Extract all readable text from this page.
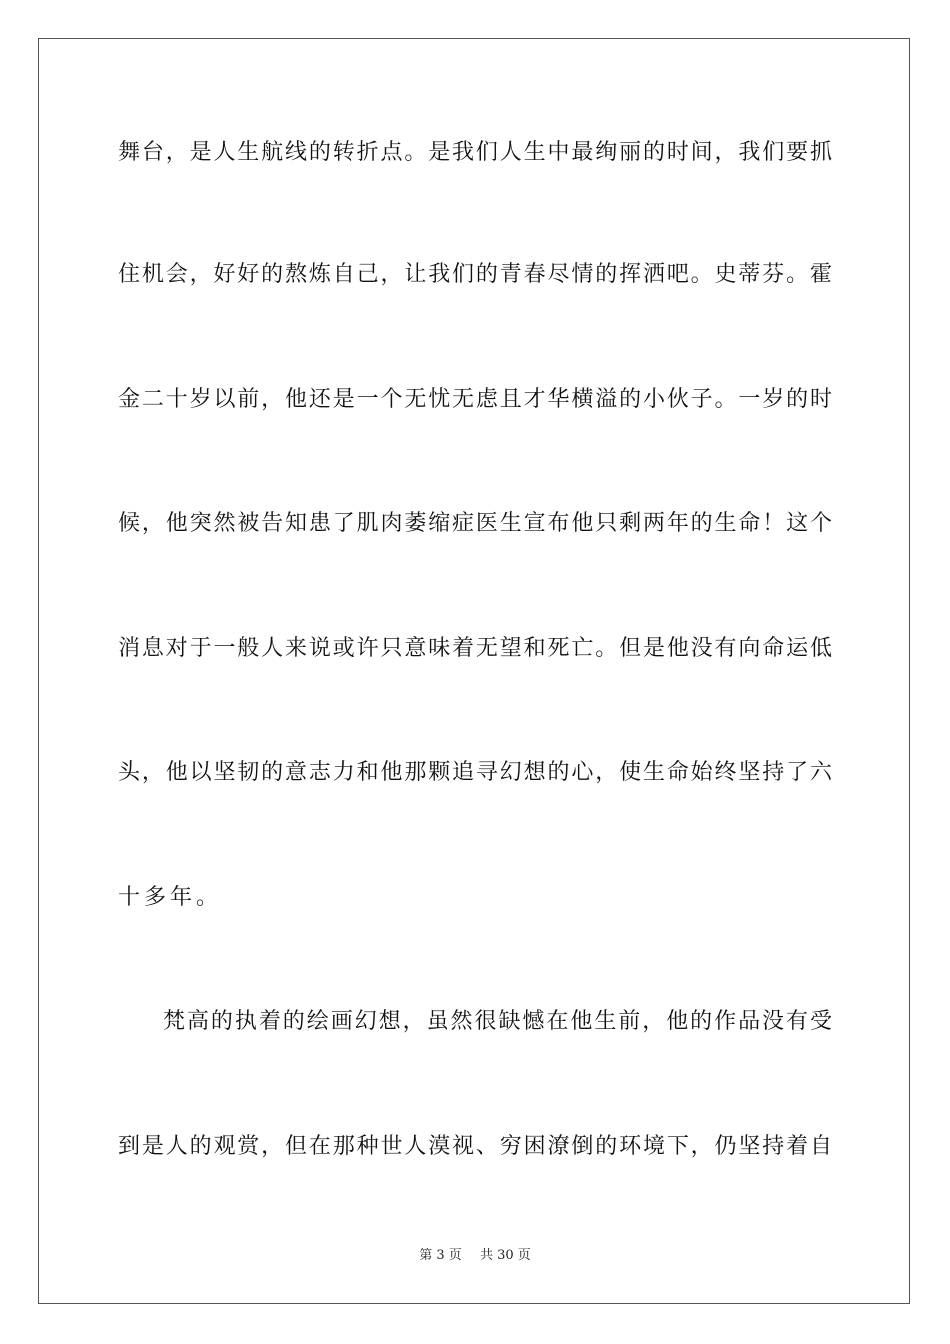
舞台，是人生航线的转折点。是我们人生中最绚丽的时间，我们要抓
住机会，好好的熬炼自己，让我们的青春尽情的挥洒吧。史蒂芬。霍
金二十岁以前，他还是一个无忧无虑且才华横溢的小伙子。一岁的时
候，他突然被告知患了肌肉萎缩症医生宣布他只剩两年的生命！这个
消息对于一般人来说或许只意味着无望和死亡。但是他没有向命运低
头，他以坚韧的意志力和他那颗追寻幻想的心，使生命始终坚持了六
十多年。
梵高的执着的绘画幻想，虽然很缺憾在他生前，他的作品没有受
到是人的观赏，但在那种世人漠视、穷困潦倒的环境下，仍坚持着自
第 3 页 共 30 页
